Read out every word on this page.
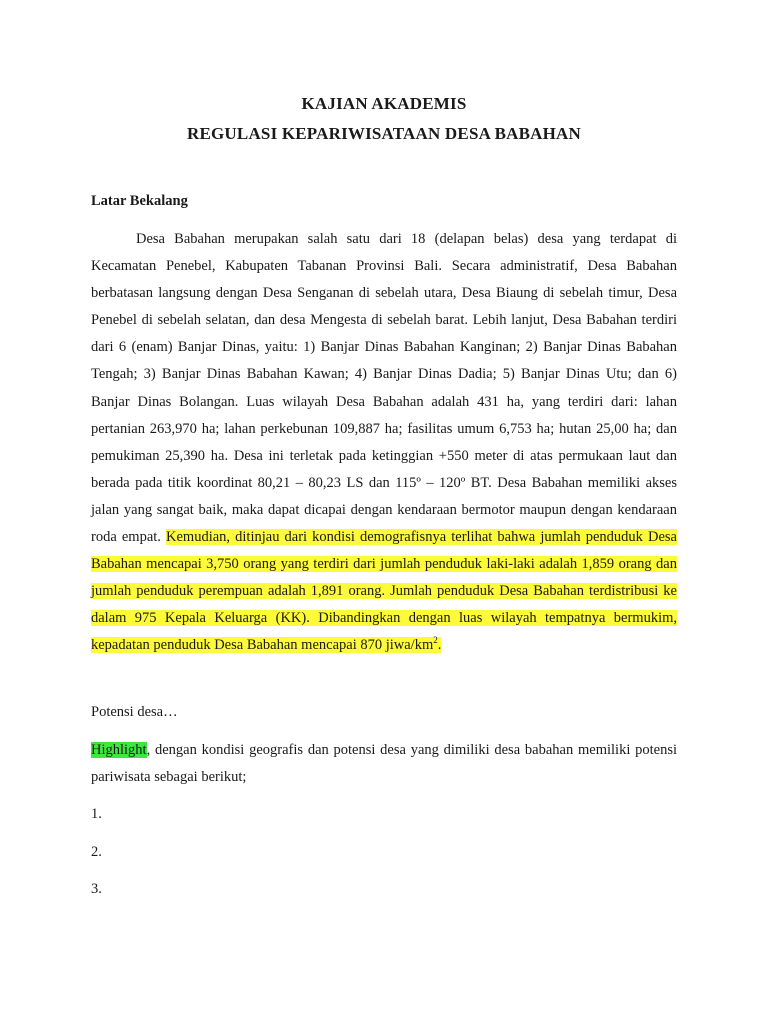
KAJIAN AKADEMIS
REGULASI KEPARIWISATAAN DESA BABAHAN
Latar Bekalang

Desa Babahan merupakan salah satu dari 18 (delapan belas) desa yang terdapat di Kecamatan Penebel, Kabupaten Tabanan Provinsi Bali. Secara administratif, Desa Babahan berbatasan langsung dengan Desa Senganan di sebelah utara, Desa Biaung di sebelah timur, Desa Penebel di sebelah selatan, dan desa Mengesta di sebelah barat. Lebih lanjut, Desa Babahan terdiri dari 6 (enam) Banjar Dinas, yaitu: 1) Banjar Dinas Babahan Kanginan; 2) Banjar Dinas Babahan Tengah; 3) Banjar Dinas Babahan Kawan; 4) Banjar Dinas Dadia; 5) Banjar Dinas Utu; dan 6) Banjar Dinas Bolangan. Luas wilayah Desa Babahan adalah 431 ha, yang terdiri dari: lahan pertanian 263,970 ha; lahan perkebunan 109,887 ha; fasilitas umum 6,753 ha; hutan 25,00 ha; dan pemukiman 25,390 ha. Desa ini terletak pada ketinggian +550 meter di atas permukaan laut dan berada pada titik koordinat 80,21 – 80,23 LS dan 115º – 120º BT. Desa Babahan memiliki akses jalan yang sangat baik, maka dapat dicapai dengan kendaraan bermotor maupun dengan kendaraan roda empat. Kemudian, ditinjau dari kondisi demografisnya terlihat bahwa jumlah penduduk Desa Babahan mencapai 3,750 orang yang terdiri dari jumlah penduduk laki-laki adalah 1,859 orang dan jumlah penduduk perempuan adalah 1,891 orang. Jumlah penduduk Desa Babahan terdistribusi ke dalam 975 Kepala Keluarga (KK). Dibandingkan dengan luas wilayah tempatnya bermukim, kepadatan penduduk Desa Babahan mencapai 870 jiwa/$km^2$.

Potensi desa…

Highlight, dengan kondisi geografis dan potensi desa yang dimiliki desa babahan memiliki potensi pariwisata sebagai berikut;

1.
2.
3.
